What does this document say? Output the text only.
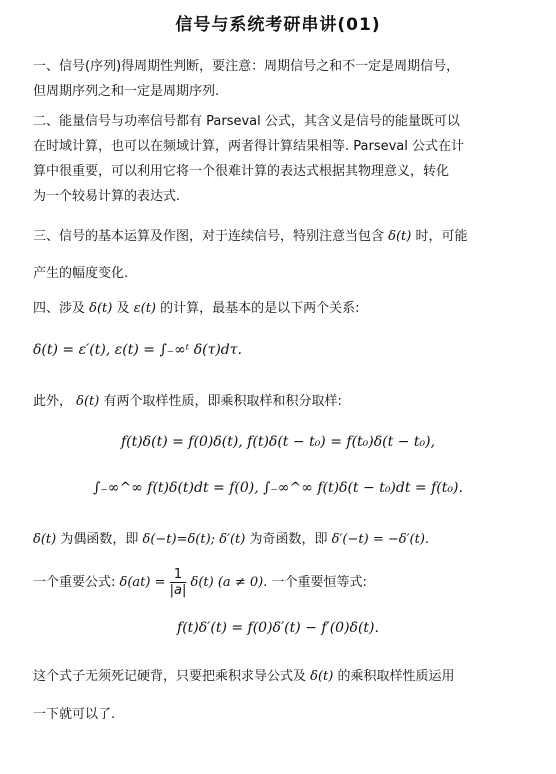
信号与系统考研串讲(01)
一、信号(序列)得周期性判断，要注意：周期信号之和不一定是周期信号，
但周期序列之和一定是周期序列.
二、能量信号与功率信号都有 Parseval 公式，其含义是信号的能量既可以
在时域计算，也可以在频域计算，两者得计算结果相等. Parseval 公式在计
算中很重要，可以利用它将一个很难计算的表达式根据其物理意义，转化
为一个较易计算的表达式.
三、信号的基本运算及作图，对于连续信号，特别注意当包含 δ(t) 时，可能
产生的幅度变化.
四、涉及 δ(t) 及 ε(t) 的计算，最基本的是以下两个关系:
δ(t) = ε′(t), ε(t) = ∫₋∞ᵗ δ(τ)dτ.
此外， δ(t) 有两个取样性质，即乘积取样和积分取样:
f(t)δ(t) = f(0)δ(t), f(t)δ(t − t₀) = f(t₀)δ(t − t₀),
∫₋∞^∞ f(t)δ(t)dt = f(0), ∫₋∞^∞ f(t)δ(t − t₀)dt = f(t₀).
δ(t) 为偶函数，即 δ(−t)=δ(t); δ′(t) 为奇函数，即 δ′(−t) = −δ′(t).
一个重要公式: $\delta(at) = \frac{1}{|a|} \delta(t) (a \ne 0)$. 一个重要恒等式:
f(t)δ′(t) = f(0)δ′(t) − f′(0)δ(t).
这个式子无须死记硬背，只要把乘积求导公式及 δ(t) 的乘积取样性质运用
一下就可以了.
